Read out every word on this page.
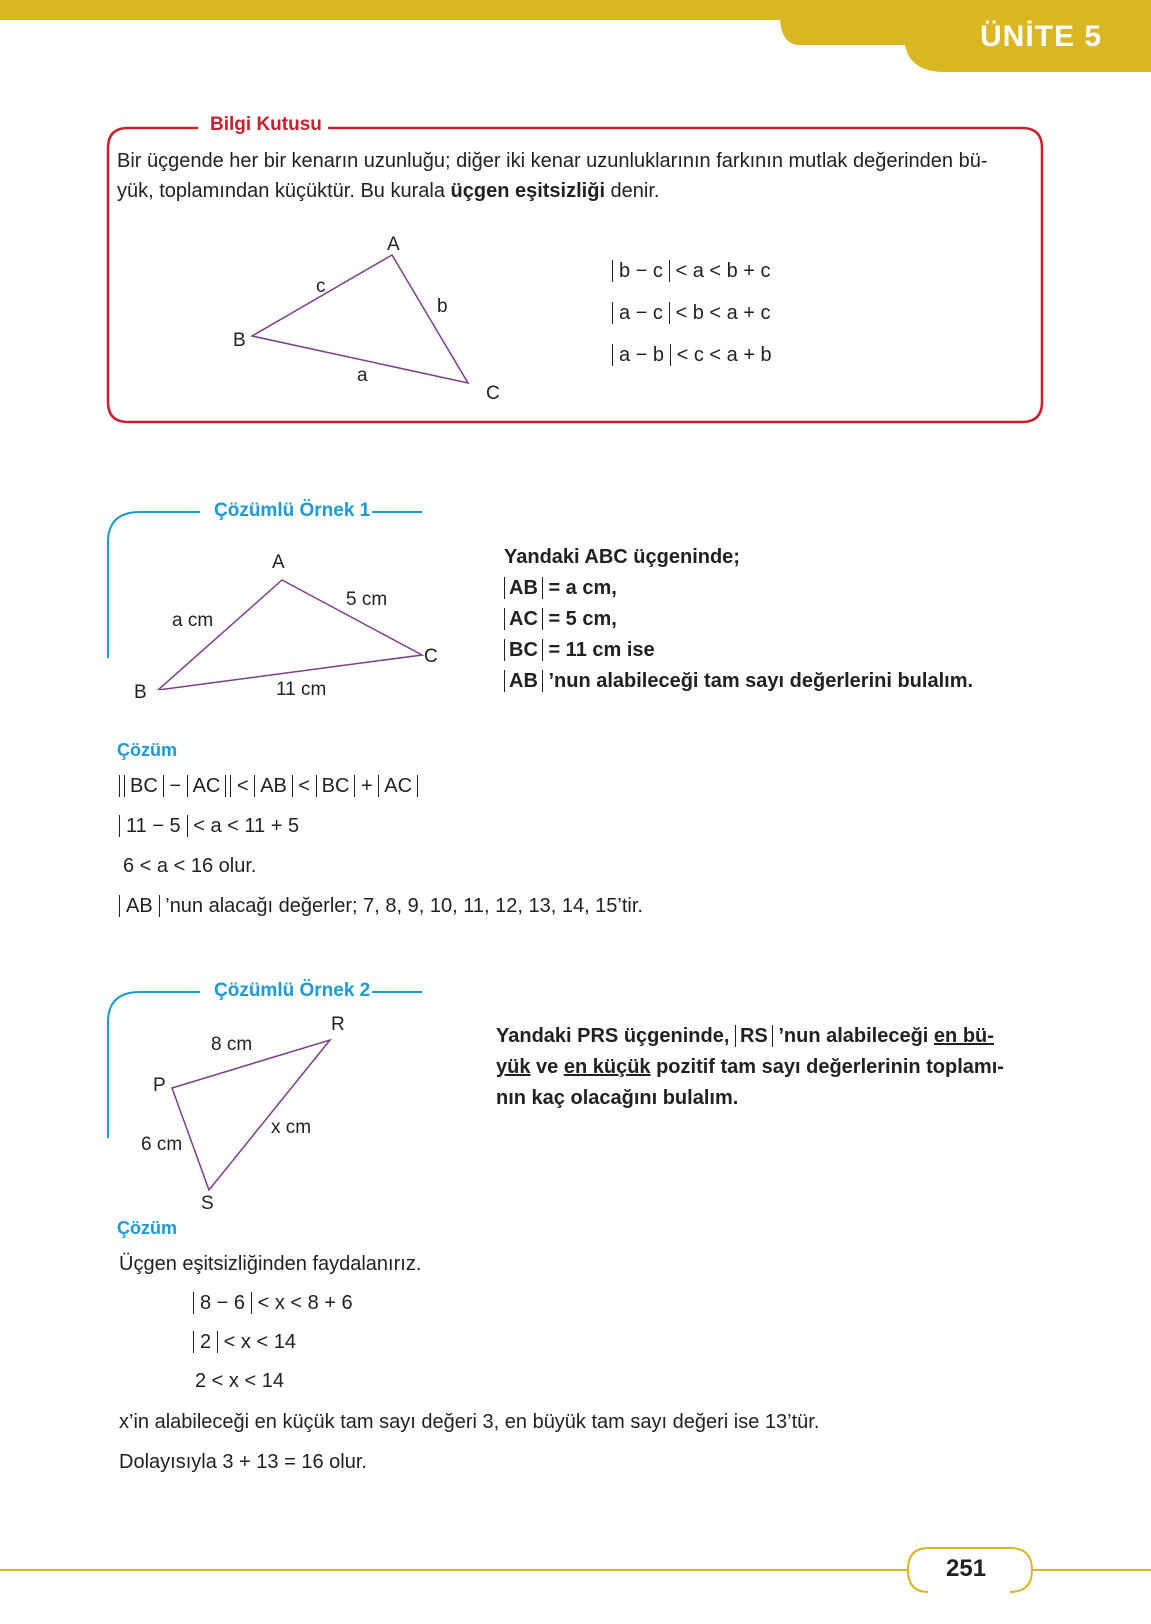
ÜNİTE 5
Bilgi Kutusu
Bir üçgende her bir kenarın uzunluğu; diğer iki kenar uzunluklarının farkının mutlak değerinden bü-
yük, toplamından küçüktür. Bu kurala üçgen eşitsizliği denir.
A
B
C
c
b
a
b − c < a < b + c
a − c < b < a + c
a − b < c < a + b
Çözümlü Örnek 1
A
B
C
a cm
5 cm
11 cm
Yandaki ABC üçgeninde;
AB = a cm,
AC = 5 cm,
BC = 11 cm ise
AB ’nun alabileceği tam sayı değerlerini bulalım.
Çözüm
BC − AC < AB < BC + AC
11 − 5 < a < 11 + 5
6 < a < 16 olur.
AB ’nun alacağı değerler; 7, 8, 9, 10, 11, 12, 13, 14, 15’tir.
Çözümlü Örnek 2
R
P
S
8 cm
6 cm
x cm
Yandaki PRS üçgeninde, RS ’nun alabileceği en bü-
yük ve en küçük pozitif tam sayı değerlerinin toplamı-
nın kaç olacağını bulalım.
Çözüm
Üçgen eşitsizliğinden faydalanırız.
8 − 6 < x < 8 + 6
2 < x < 14
2 < x < 14
x’in alabileceği en küçük tam sayı değeri 3, en büyük tam sayı değeri ise 13’tür.
Dolayısıyla 3 + 13 = 16 olur.
251
